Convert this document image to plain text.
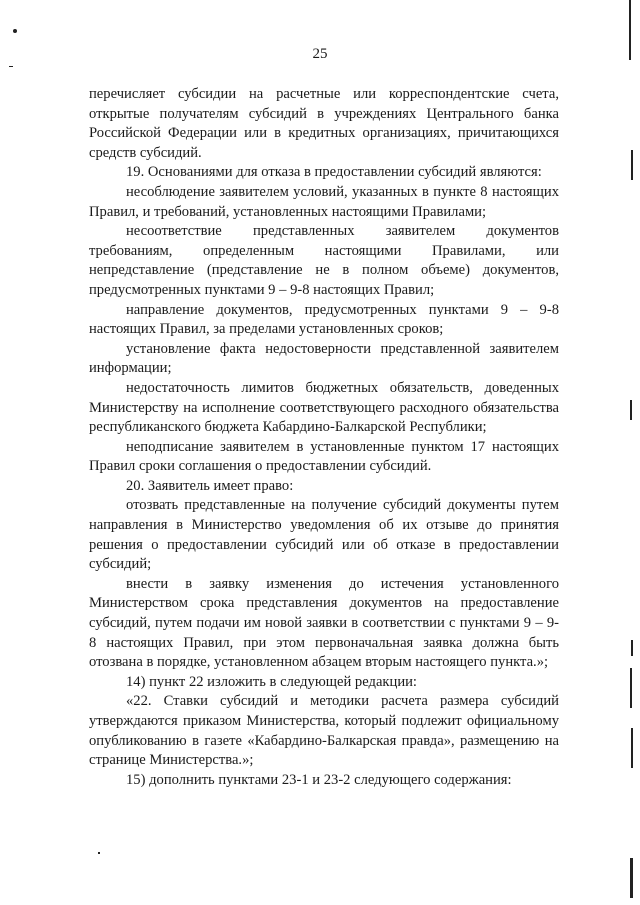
25

перечисляет субсидии на расчетные или корреспондентские счета, открытые получателям субсидий в учреждениях Центрального банка Российской Федерации или в кредитных организациях, причитающихся средств субсидий.

19. Основаниями для отказа в предоставлении субсидий являются:

несоблюдение заявителем условий, указанных в пункте 8 настоящих Правил, и требований, установленных настоящими Правилами;

несоответствие представленных заявителем документов требованиям, определенным настоящими Правилами, или непредставление (представление не в полном объеме) документов, предусмотренных пунктами 9 – 9-8 настоящих Правил;

направление документов, предусмотренных пунктами 9 – 9-8 настоящих Правил, за пределами установленных сроков;

установление факта недостоверности представленной заявителем информации;

недостаточность лимитов бюджетных обязательств, доведенных Министерству на исполнение соответствующего расходного обязательства республиканского бюджета Кабардино-Балкарской Республики;

неподписание заявителем в установленные пунктом 17 настоящих Правил сроки соглашения о предоставлении субсидий.

20. Заявитель имеет право:

отозвать представленные на получение субсидий документы путем направления в Министерство уведомления об их отзыве до принятия решения о предоставлении субсидий или об отказе в предоставлении субсидий;

внести в заявку изменения до истечения установленного Министерством срока представления документов на предоставление субсидий, путем подачи им новой заявки в соответствии с пунктами 9 – 9-8 настоящих Правил, при этом первоначальная заявка должна быть отозвана в порядке, установленном абзацем вторым настоящего пункта.»;

14) пункт 22 изложить в следующей редакции:

«22. Ставки субсидий и методики расчета размера субсидий утверждаются приказом Министерства, который подлежит официальному опубликованию в газете «Кабардино-Балкарская правда», размещению на странице Министерства.»;

15) дополнить пунктами 23-1 и 23-2 следующего содержания:
